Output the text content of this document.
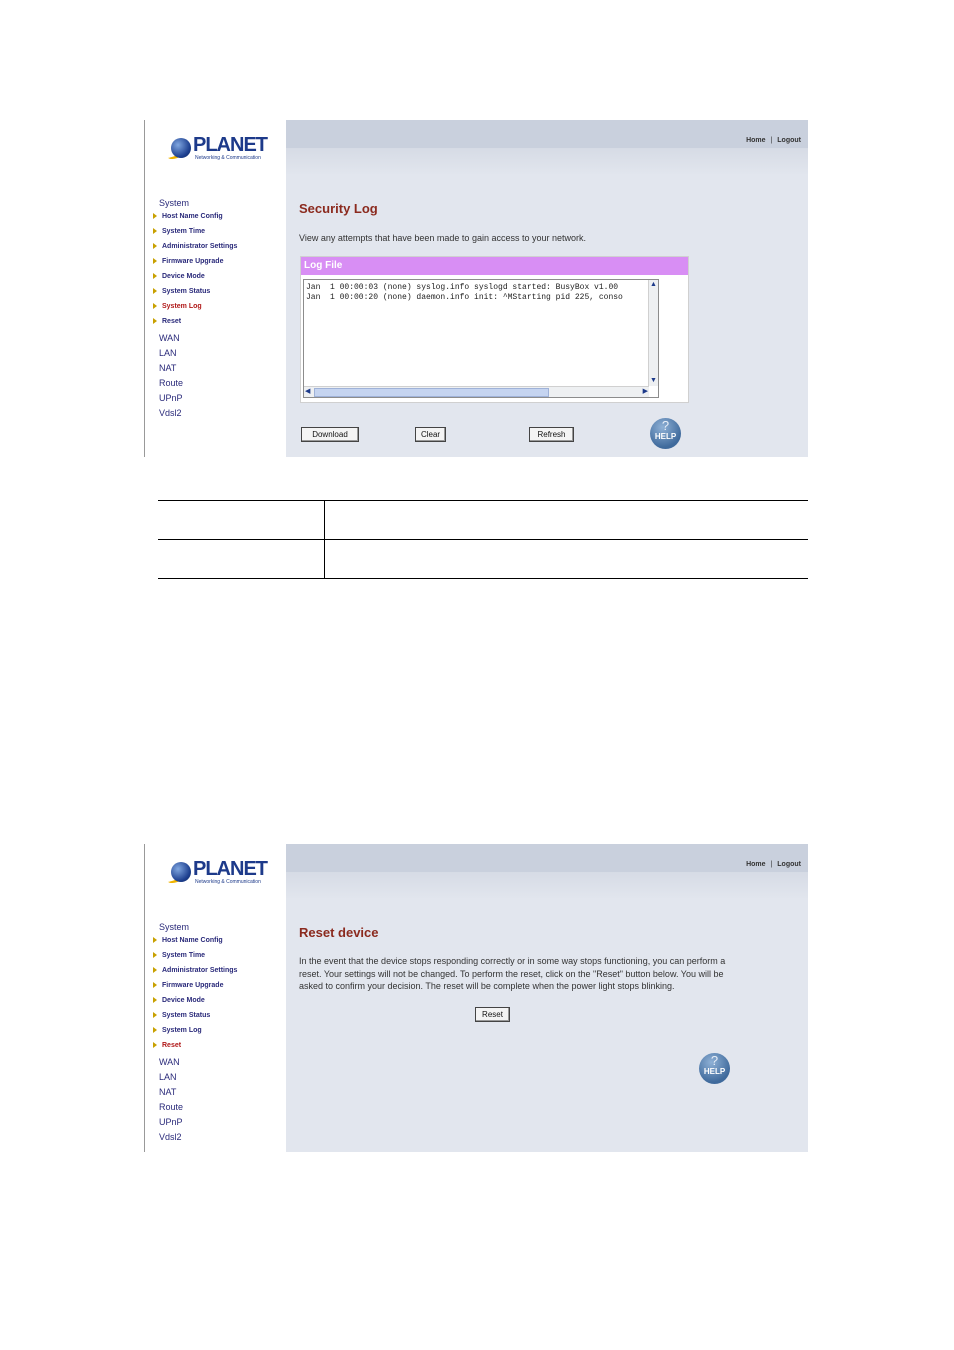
PLANET
Networking & Communication
System
Host Name Config
System Time
Administrator Settings
Firmware Upgrade
Device Mode
System Status
System Log
Reset
WAN
LAN
NAT
Route
UPnP
Vdsl2
Home | Logout
Security Log
View any attempts that have been made to gain access to your network.
Log File
Jan  1 00:00:03 (none) syslog.info syslogd started: BusyBox v1.00
Jan  1 00:00:20 (none) daemon.info init: ^MStarting pid 225, conso
▲
▼
◀	▶
Download	Clear	Refresh
?
HELP

PLANET
Networking & Communication
System
Host Name Config
System Time
Administrator Settings
Firmware Upgrade
Device Mode
System Status
System Log
Reset
WAN
LAN
NAT
Route
UPnP
Vdsl2
Home | Logout
Reset device
In the event that the device stops responding correctly or in some way stops functioning, you can perform a
reset. Your settings will not be changed. To perform the reset, click on the "Reset" button below. You will be
asked to confirm your decision. The reset will be complete when the power light stops blinking.
Reset
?
HELP
